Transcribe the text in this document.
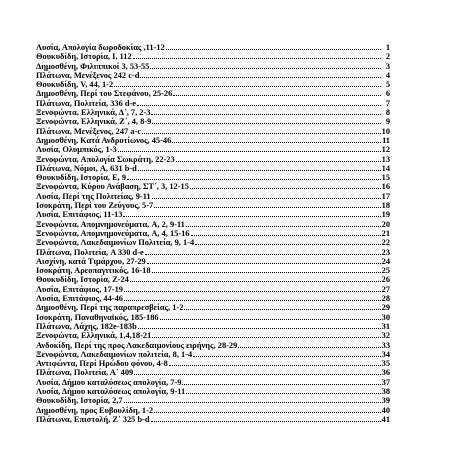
Λυσία, Απολογία δωροδοκίας ,11-12	1
Θουκυδίδη, Ιστορία, I, 112	2
Δημοσθένη, Φιλιππικοί 3, 53-55	3
Πλάτωνα, Μενέξενος 242 c-d	4
Θουκυδίδη, V, 44, 1-2	5
Δημοσθένη, Περί του Στεφάνου, 25-26	6
Πλάτωνα, Πολιτεία, 336 d-e	7
Ξενοφώντα, Ελληνικά, Δ΄, 7, 2-3	8
Ξενοφώντα, Ελληνικά, Ζ΄, 4, 8-9	9
Πλάτωνα, Μενέξενος, 247 a-c	10
Δημοσθένη, Κατά Ανδροτίωνος, 45-46	11
Λυσία, Ολυμπικός, 1-3	12
Ξενοφώντα, Απολογία Σωκράτη, 22-23	13
Πλάτωνα, Νόμοι, A, 631 b-d	14
Θουκυδίδη, Ιστορία, E, 9	15
Ξενοφώντα, Κύρου Ανάβαση, ΣΤ΄, 3, 12-15	16
Λυσία, Περί της Πολιτείας, 9-11	17
Ισοκράτη, Περί του Ζεύγους, 5-7	18
Λυσία, Επιτάφιος, 11-13	19
Ξενοφώντα, Απομνημονεύματα, A, 2, 9-11	20
Ξενοφώντα, Απομνημονεύματα, A, 4, 15-16	21
Ξενοφώντα, Λακεδαιμονίων Πολιτεία, 9, 1-4	22
Πλάτωνα, Πολιτεία, A 330 d-e	23
Αισχίνη, κατά Τιμάρχου, 27-29	24
Ισοκράτη, Αρεοπαγιτικός, 16-18	25
Θουκυδίδη, Ιστορία, Z-24	26
Λυσία, Επιτάφιος, 17-19	27
Λυσία, Επιτάφιος, 44-46	28
Δημοσθένη, Περί της παραπρεσβείας, 1-2	29
Ισοκράτη, Παναθηναϊκός, 185-186	30
Πλάτωνα, Λάχης, 182e-183b	31
Ξενοφώντα, Ελληνικά, 1,4,18-21	32
Ανδοκίδη, Περί της προς Λακεδαιμονίους ειρήνης, 28-29	33
Ξενοφώντα, Λακεδαιμονίων πολιτεία, 8, 1-4	34
Αντιφώντα, Περί Ηρώδου φόνου, 4-8	35
Πλάτωνα, Πολιτεία, Α΄ 409	36
Λυσία, Δήμου καταλύσεως απολογία, 7-9	37
Λυσία, Δήμου καταλύσεως απολογία, 9-11	38
Θουκυδίδη, Ιστορία, 2,7	39
Δημοσθένη, προς Ευβουλίδη, 1-2	40
Πλάτωνα, Επιστολή, Ζ΄ 325 b-d	41
